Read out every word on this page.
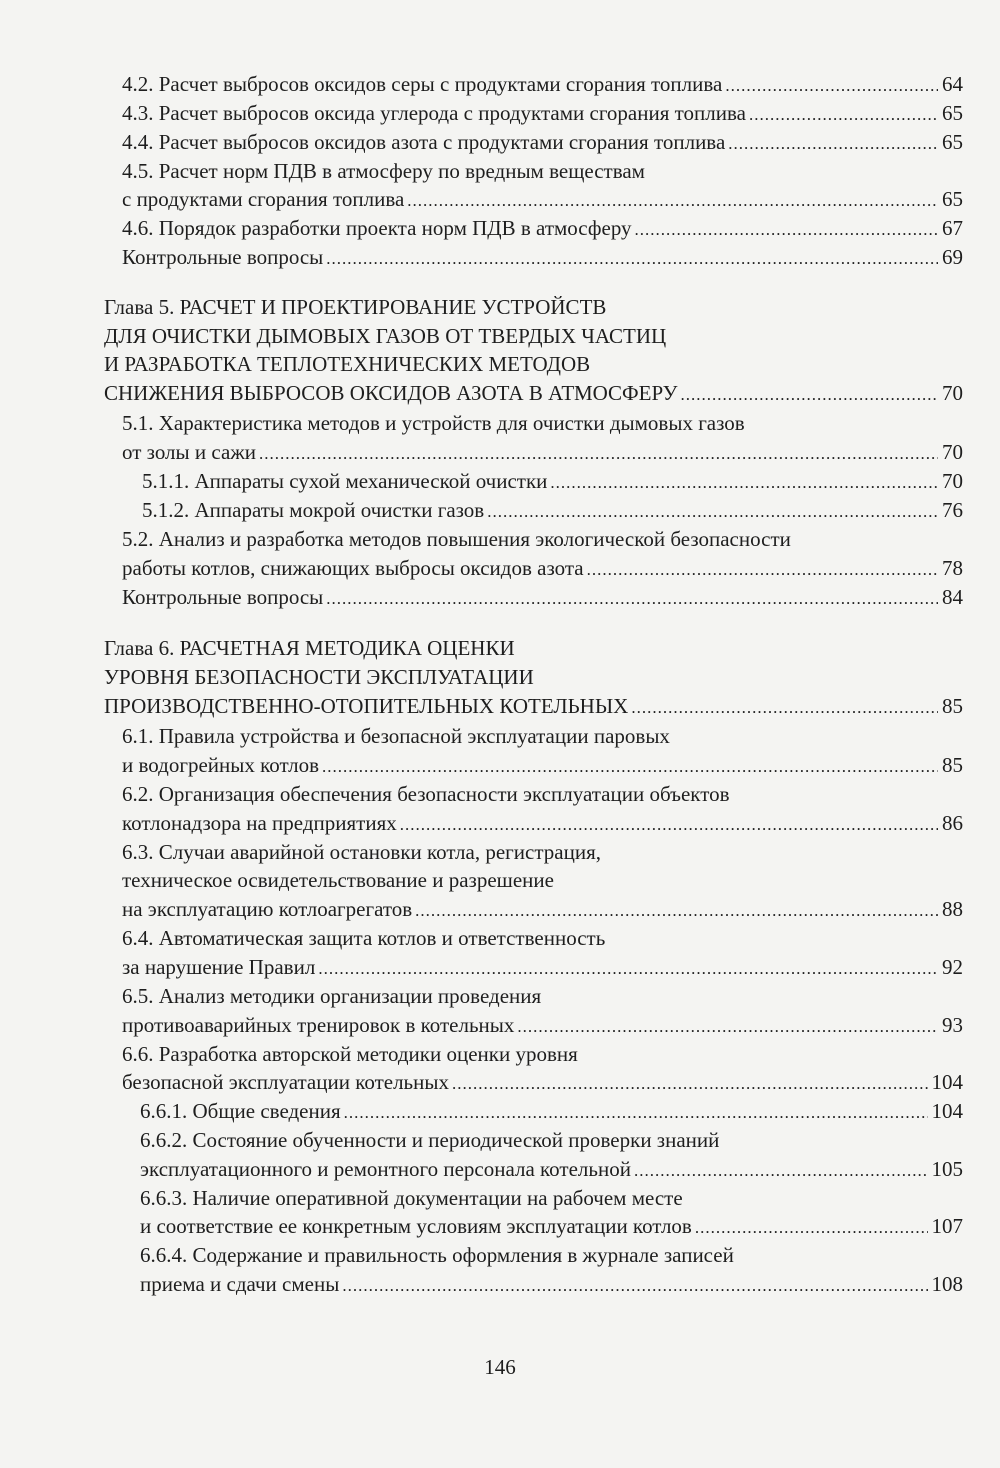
4.2. Расчет выбросов оксидов серы с продуктами сгорания топлива .....	64
4.3. Расчет выбросов оксида углерода с продуктами сгорания топлива .....	65
4.4. Расчет выбросов оксидов азота с продуктами сгорания топлива .....	65
4.5. Расчет норм ПДВ в атмосферу по вредным веществам
с продуктами сгорания топлива .....	65
4.6. Порядок разработки проекта норм ПДВ в атмосферу .....	67
Контрольные вопросы .....	69
Глава 5. РАСЧЕТ И ПРОЕКТИРОВАНИЕ УСТРОЙСТВ
ДЛЯ ОЧИСТКИ ДЫМОВЫХ ГАЗОВ ОТ ТВЕРДЫХ ЧАСТИЦ
И РАЗРАБОТКА ТЕПЛОТЕХНИЧЕСКИХ МЕТОДОВ
СНИЖЕНИЯ ВЫБРОСОВ ОКСИДОВ АЗОТА В АТМОСФЕРУ .....	70
5.1. Характеристика методов и устройств для очистки дымовых газов
от золы и сажи .....	70
5.1.1. Аппараты сухой механической очистки .....	70
5.1.2. Аппараты мокрой очистки газов .....	76
5.2. Анализ и разработка методов повышения экологической безопасности
работы котлов, снижающих выбросы оксидов азота .....	78
Контрольные вопросы .....	84
Глава 6. РАСЧЕТНАЯ МЕТОДИКА ОЦЕНКИ
УРОВНЯ БЕЗОПАСНОСТИ ЭКСПЛУАТАЦИИ
ПРОИЗВОДСТВЕННО-ОТОПИТЕЛЬНЫХ КОТЕЛЬНЫХ .....	85
6.1. Правила устройства и безопасной эксплуатации паровых
и водогрейных котлов .....	85
6.2. Организация обеспечения безопасности эксплуатации объектов
котлонадзора на предприятиях .....	86
6.3. Случаи аварийной остановки котла, регистрация,
техническое освидетельствование и разрешение
на эксплуатацию котлоагрегатов .....	88
6.4. Автоматическая защита котлов и ответственность
за нарушение Правил .....	92
6.5. Анализ методики организации проведения
противоаварийных тренировок в котельных .....	93
6.6. Разработка авторской методики оценки уровня
безопасной эксплуатации котельных .....	104
6.6.1. Общие сведения .....	104
6.6.2. Состояние обученности и периодической проверки знаний
эксплуатационного и ремонтного персонала котельной .....	105
6.6.3. Наличие оперативной документации на рабочем месте
и соответствие ее конкретным условиям эксплуатации котлов .....	107
6.6.4. Содержание и правильность оформления в журнале записей
приема и сдачи смены .....	108
146
